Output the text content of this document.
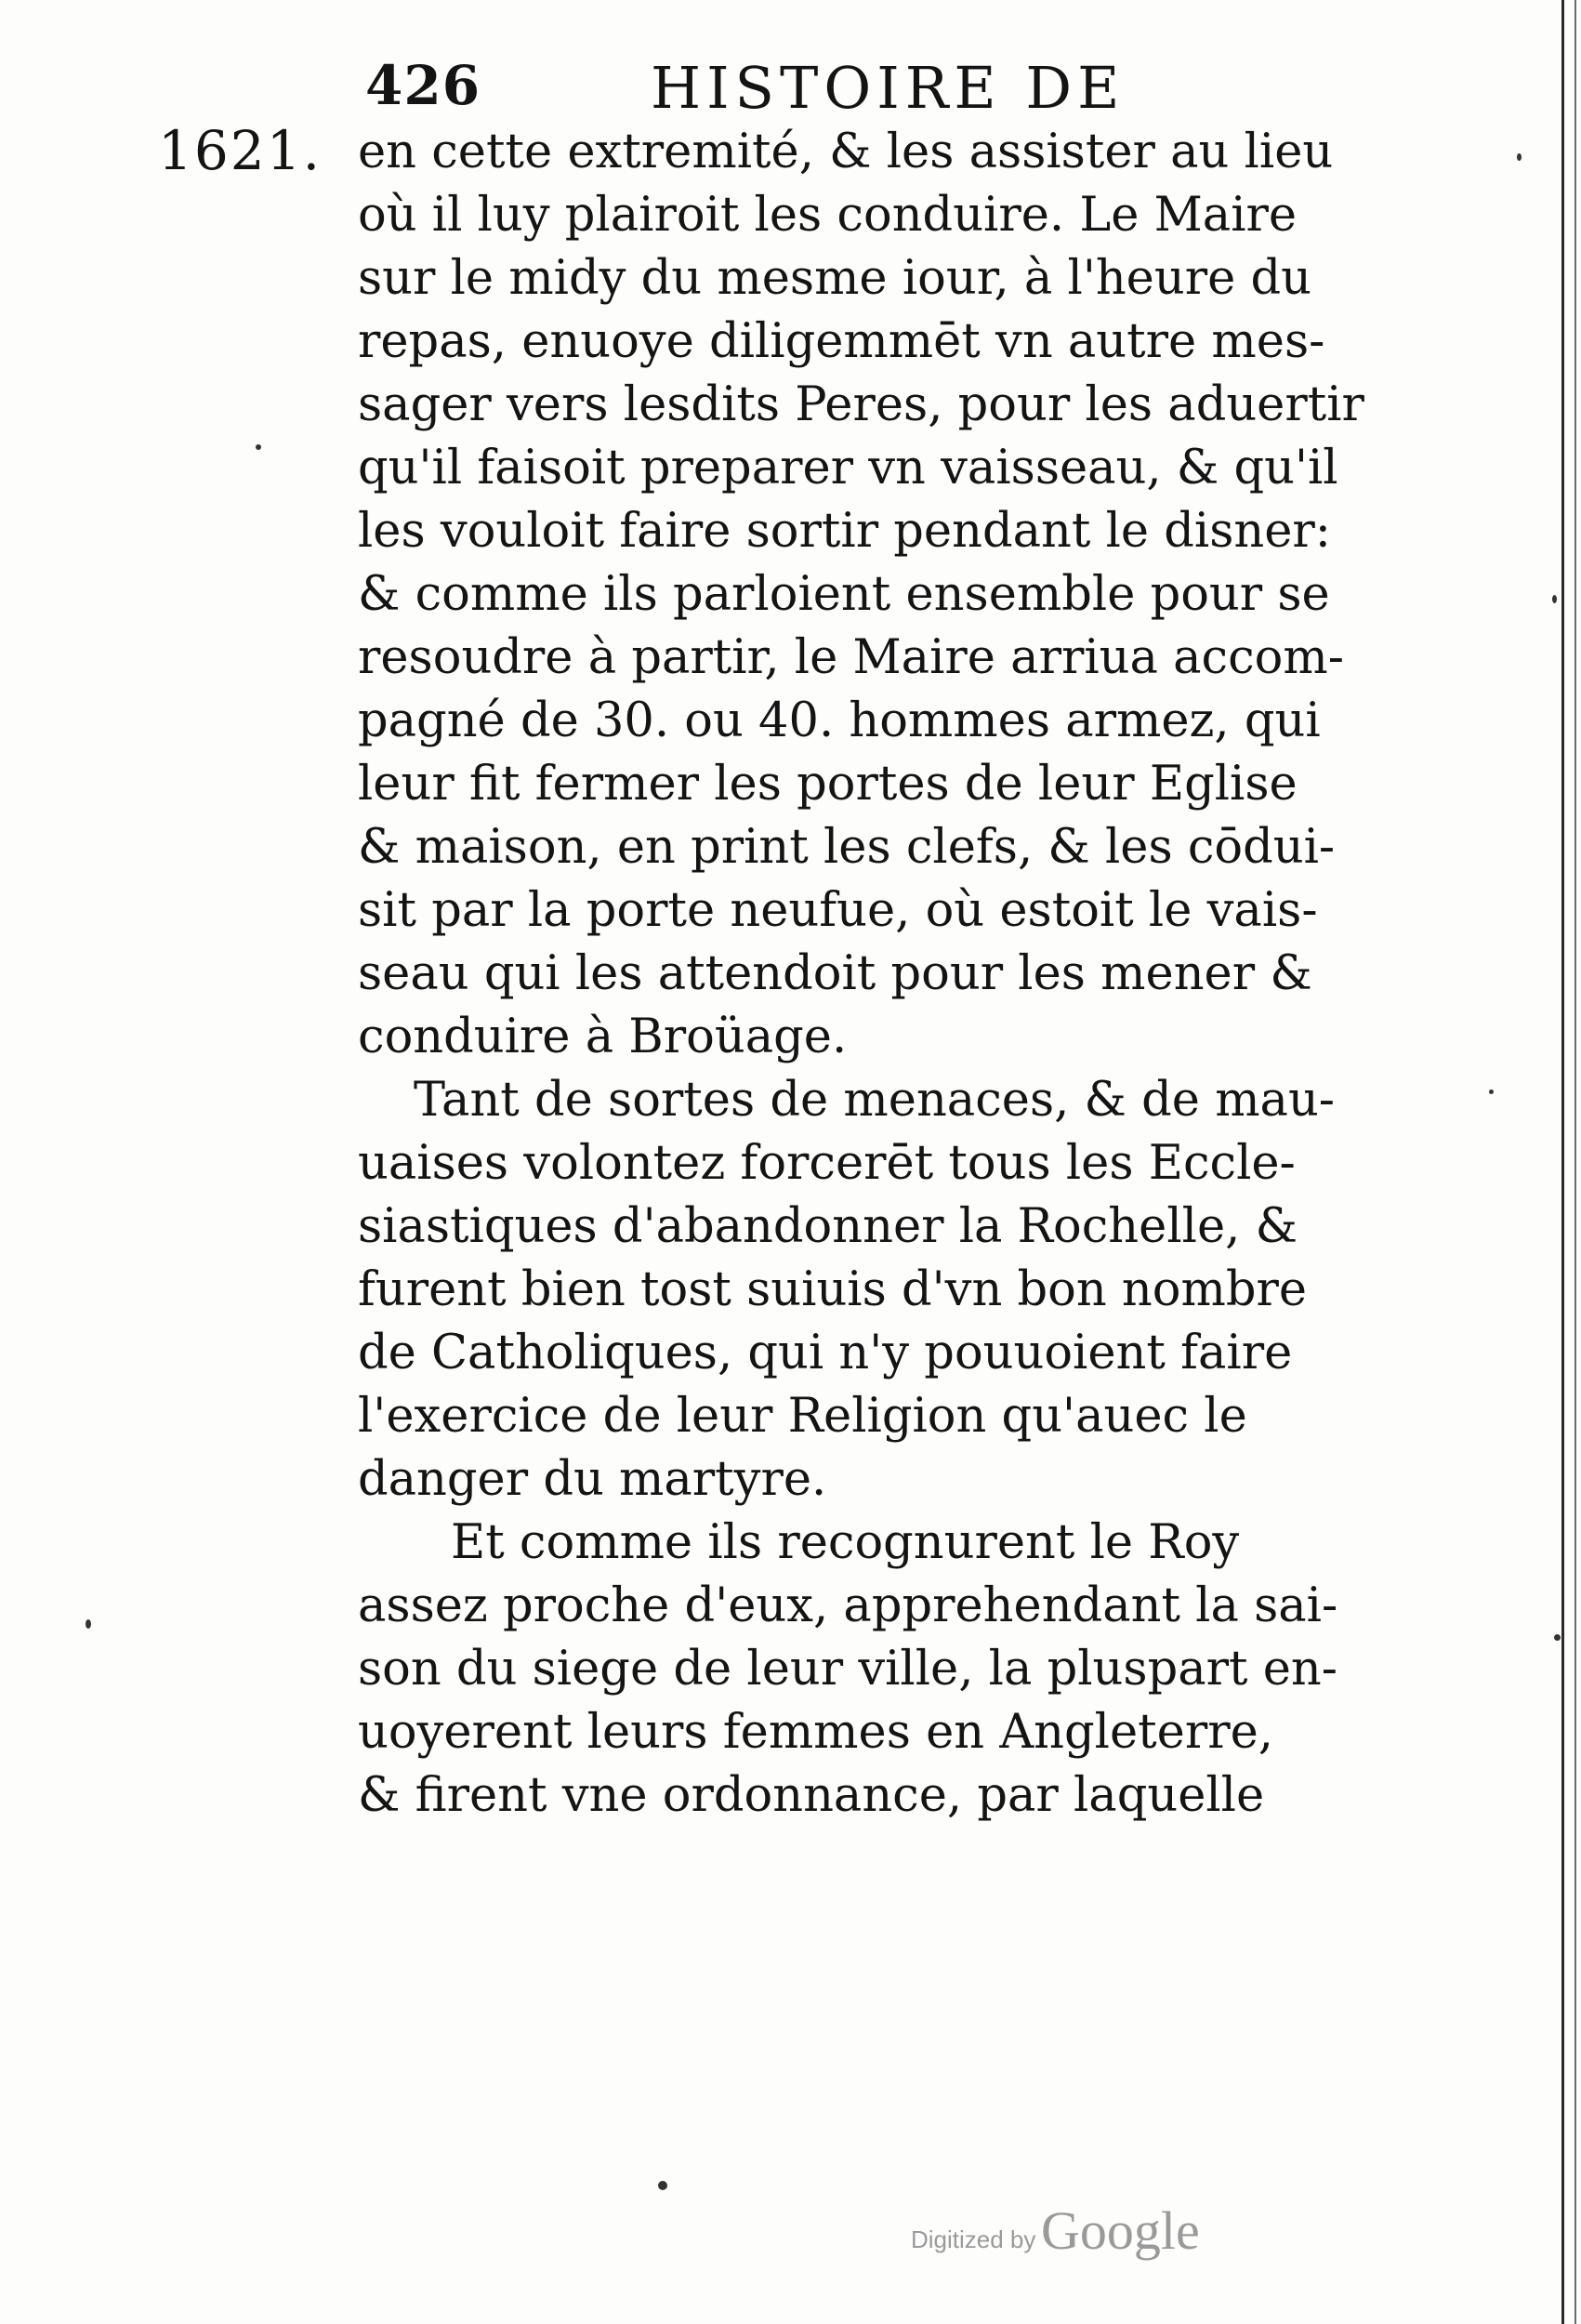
426	HISTOIRE DE
1621. en cette extremité, & les assister au lieu
où il luy plairoit les conduire. Le Maire
sur le midy du mesme iour, à l'heure du
repas, enuoye diligemmēt vn autre mes-
sager vers lesdits Peres, pour les aduertir
qu'il faisoit preparer vn vaisseau, & qu'il
les vouloit faire sortir pendant le disner:
& comme ils parloient ensemble pour se
resoudre à partir, le Maire arriua accom-
pagné de 30. ou 40. hommes armez, qui
leur fit fermer les portes de leur Eglise
& maison, en print les clefs, & les cōdui-
sit par la porte neufue, où estoit le vais-
seau qui les attendoit pour les mener &
conduire à Broüage.
Tant de sortes de menaces, & de mau-
uaises volontez forcerēt tous les Eccle-
siastiques d'abandonner la Rochelle, &
furent bien tost suiuis d'vn bon nombre
de Catholiques, qui n'y pouuoient faire
l'exercice de leur Religion qu'auec le
danger du martyre.
Et comme ils recognurent le Roy
assez proche d'eux, apprehendant la sai-
son du siege de leur ville, la pluspart en-
uoyerent leurs femmes en Angleterre,
& firent vne ordonnance, par laquelle
Digitized by Google
